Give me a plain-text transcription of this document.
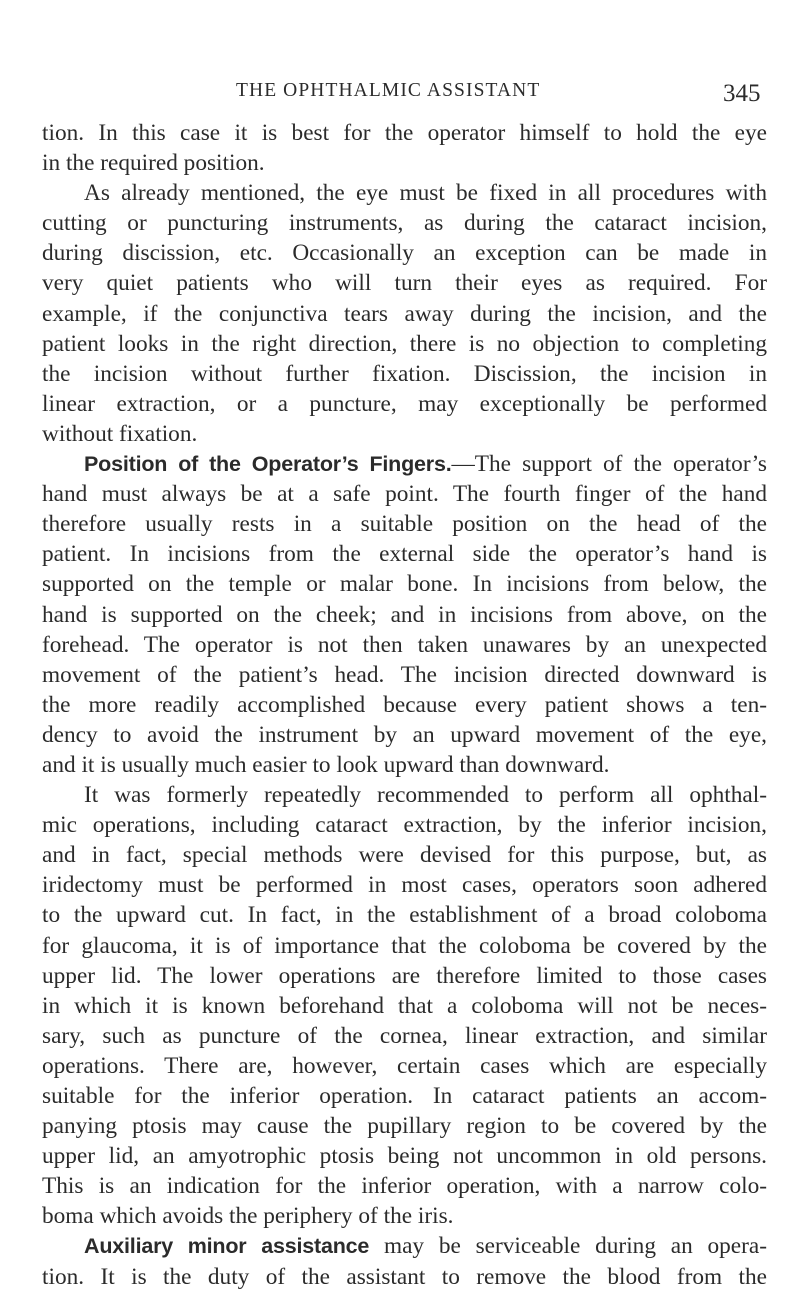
THE OPHTHALMIC ASSISTANT	345
tion. In this case it is best for the operator himself to hold the eye
in the required position.
As already mentioned, the eye must be fixed in all procedures with
cutting or puncturing instruments, as during the cataract incision,
during discission, etc. Occasionally an exception can be made in
very quiet patients who will turn their eyes as required. For
example, if the conjunctiva tears away during the incision, and the
patient looks in the right direction, there is no objection to completing
the incision without further fixation. Discission, the incision in
linear extraction, or a puncture, may exceptionally be performed
without fixation.
Position of the Operator’s Fingers.—The support of the operator’s
hand must always be at a safe point. The fourth finger of the hand
therefore usually rests in a suitable position on the head of the
patient. In incisions from the external side the operator’s hand is
supported on the temple or malar bone. In incisions from below, the
hand is supported on the cheek; and in incisions from above, on the
forehead. The operator is not then taken unawares by an unexpected
movement of the patient’s head. The incision directed downward is
the more readily accomplished because every patient shows a ten-
dency to avoid the instrument by an upward movement of the eye,
and it is usually much easier to look upward than downward.
It was formerly repeatedly recommended to perform all ophthal-
mic operations, including cataract extraction, by the inferior incision,
and in fact, special methods were devised for this purpose, but, as
iridectomy must be performed in most cases, operators soon adhered
to the upward cut. In fact, in the establishment of a broad coloboma
for glaucoma, it is of importance that the coloboma be covered by the
upper lid. The lower operations are therefore limited to those cases
in which it is known beforehand that a coloboma will not be neces-
sary, such as puncture of the cornea, linear extraction, and similar
operations. There are, however, certain cases which are especially
suitable for the inferior operation. In cataract patients an accom-
panying ptosis may cause the pupillary region to be covered by the
upper lid, an amyotrophic ptosis being not uncommon in old persons.
This is an indication for the inferior operation, with a narrow colo-
boma which avoids the periphery of the iris.
Auxiliary minor assistance may be serviceable during an opera-
tion. It is the duty of the assistant to remove the blood from the
